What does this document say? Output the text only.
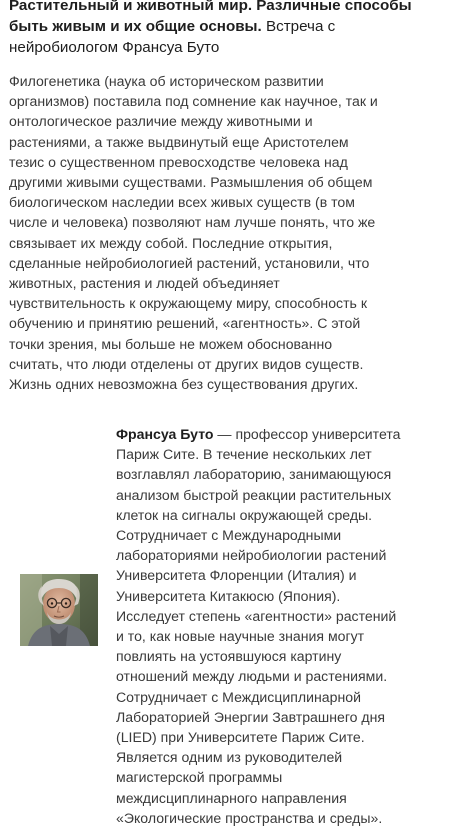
Растительный и животный мир. Различные способы
быть живым и их общие основы. Встреча с
нейробиологом Франсуа Буто
Филогенетика (наука об историческом развитии
организмов) поставила под сомнение как научное, так и
онтологическое различие между животными и
растениями, а также выдвинутый еще Аристотелем
тезис о существенном превосходстве человека над
другими живыми существами. Размышления об общем
биологическом наследии всех живых существ (в том
числе и человека) позволяют нам лучше понять, что же
связывает их между собой. Последние открытия,
сделанные нейробиологией растений, установили, что
животных, растения и людей объединяет
чувствительность к окружающему миру, способность к
обучению и принятию решений, «агентность». С этой
точки зрения, мы больше не можем обоснованно
считать, что люди отделены от других видов существ.
Жизнь одних невозможна без существования других.
Франсуа Буто — профессор университета
Париж Сите. В течение нескольких лет
возглавлял лабораторию, занимающуюся
анализом быстрой реакции растительных
клеток на сигналы окружающей среды.
Сотрудничает с Международными
лабораториями нейробиологии растений
Университета Флоренции (Италия) и
Университета Китакюсю (Япония).
Исследует степень «агентности» растений
и то, как новые научные знания могут
повлиять на устоявшуюся картину
отношений между людьми и растениями.
Сотрудничает с Междисциплинарной
Лабораторией Энергии Завтрашнего дня
(LIED) при Университете Париж Сите.
Является одним из руководителей
магистерской программы
междисциплинарного направления
«Экологические пространства и среды».
